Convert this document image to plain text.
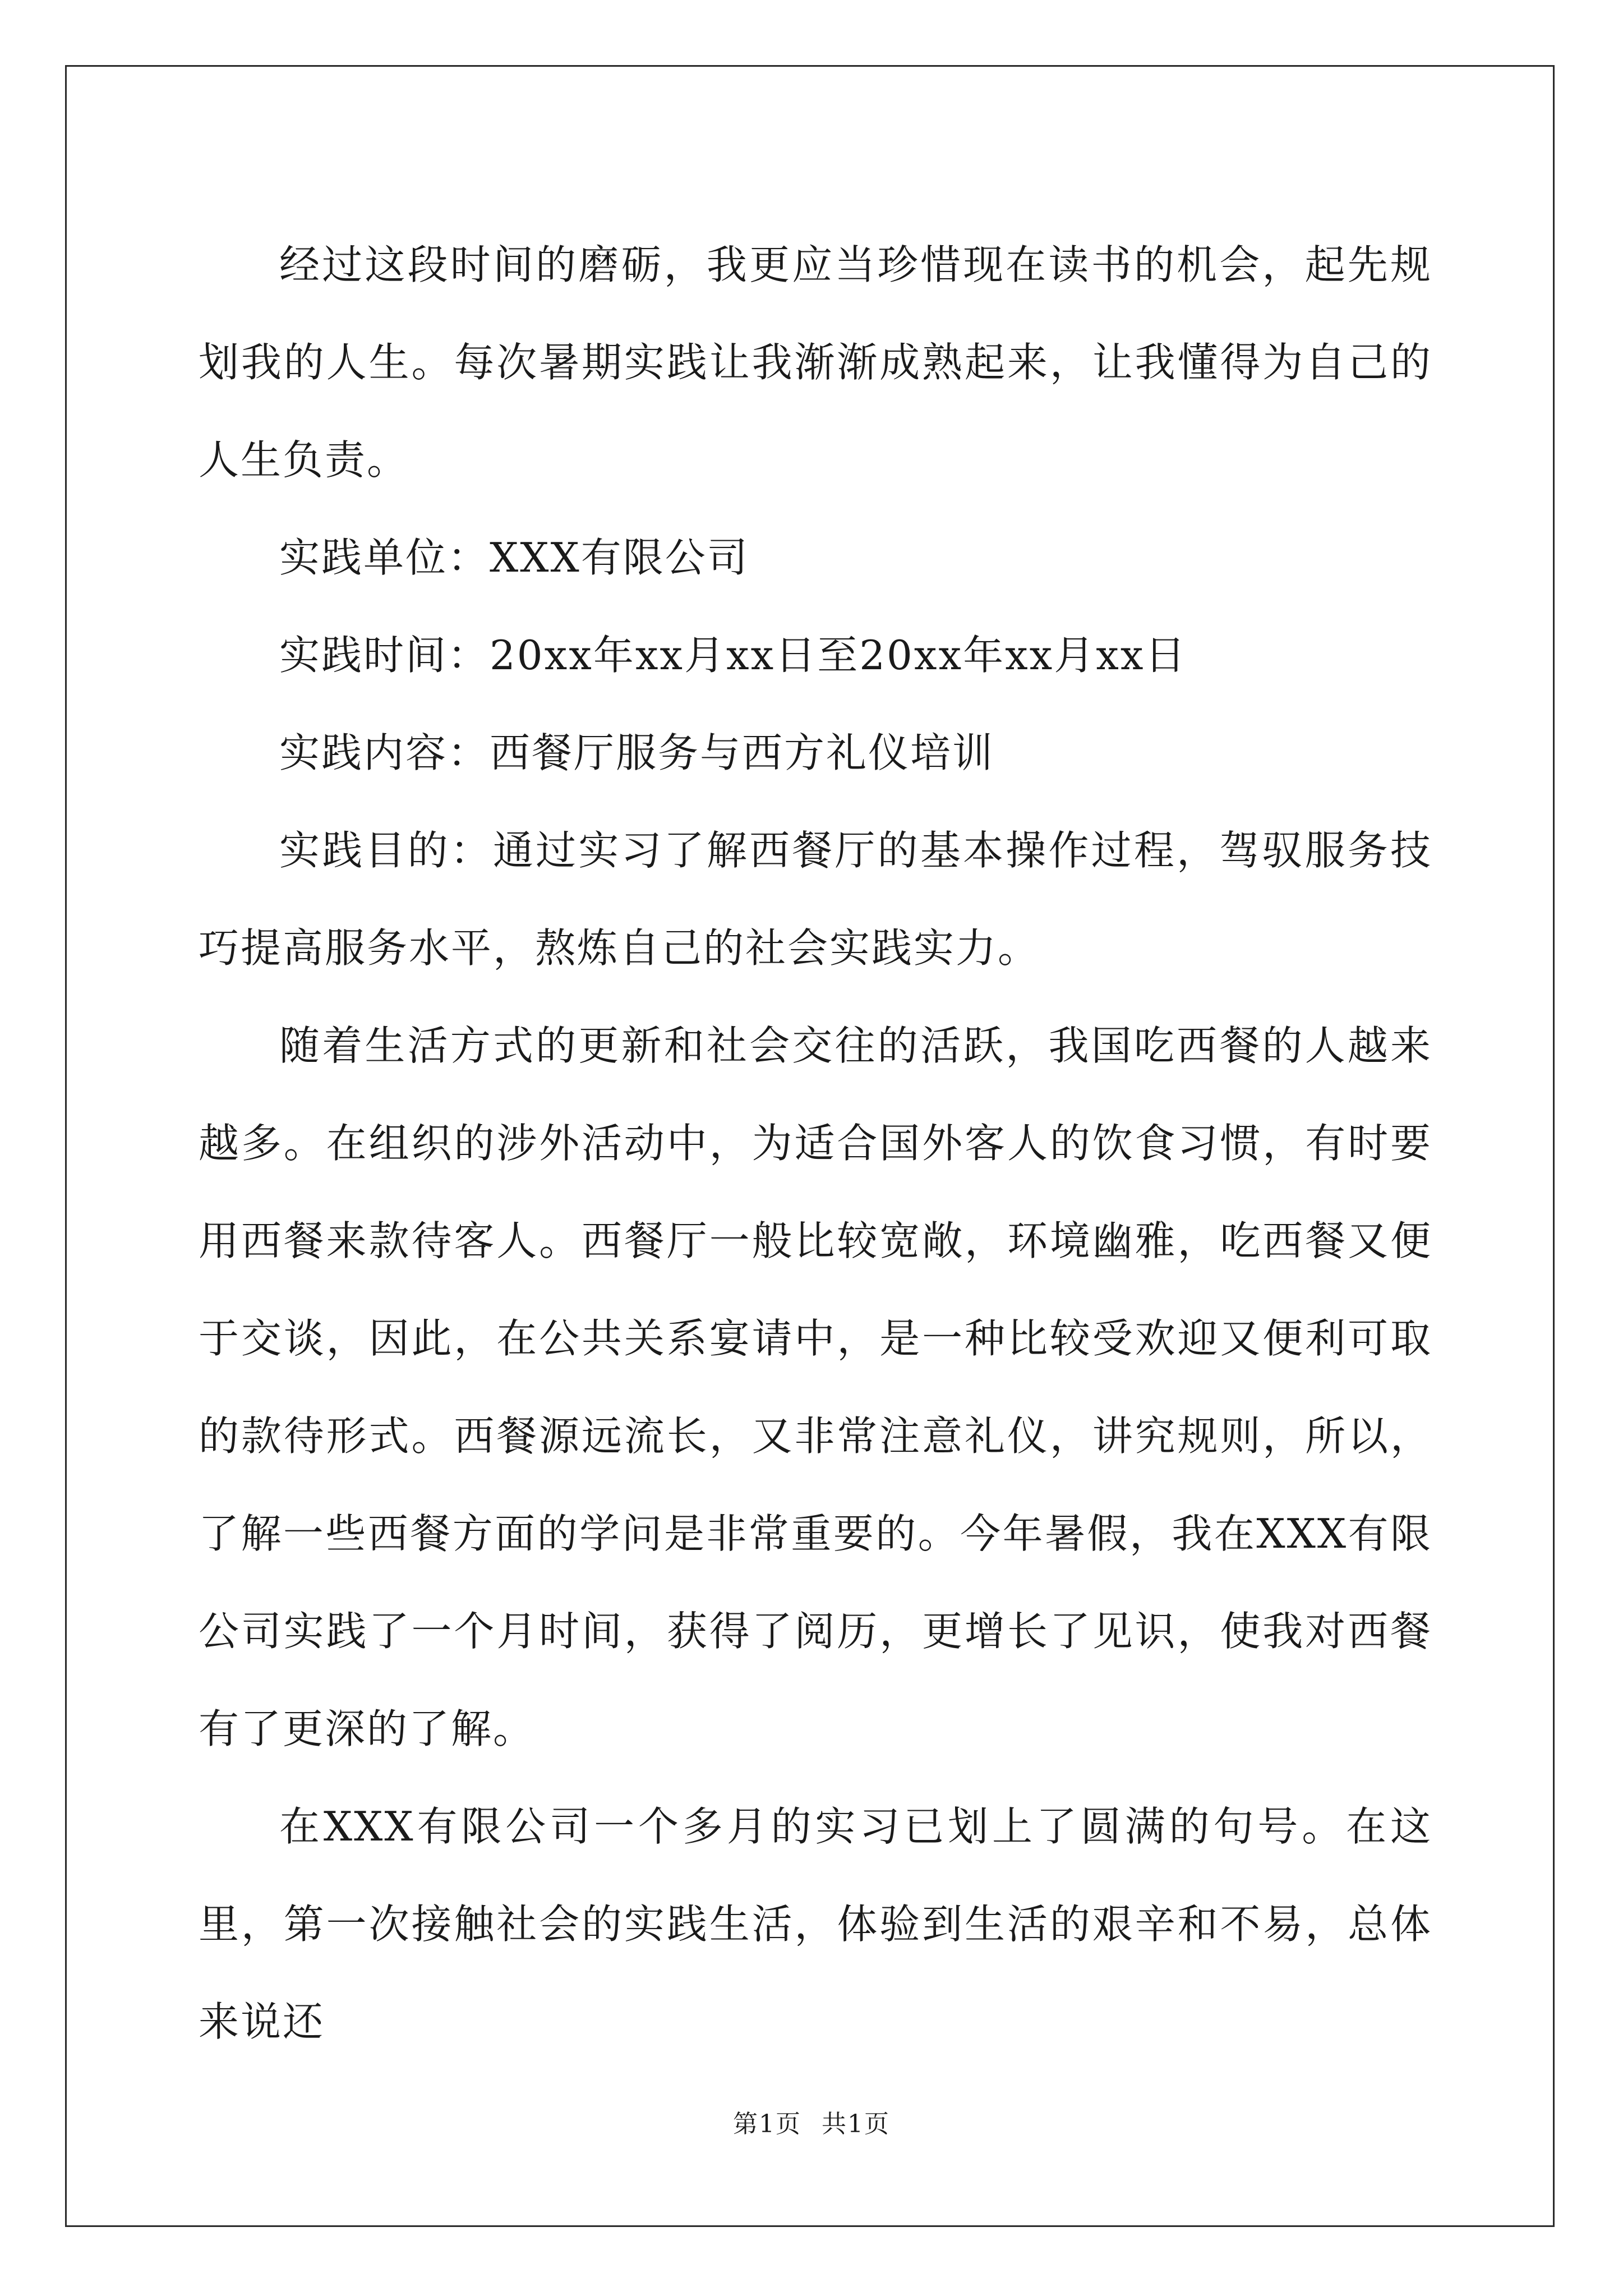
经过这段时间的磨砺，我更应当珍惜现在读书的机会，起先规划我的人生。每次暑期实践让我渐渐成熟起来，让我懂得为自己的人生负责。

实践单位：XXX有限公司

实践时间：20xx年xx月xx日至20xx年xx月xx日

实践内容：西餐厅服务与西方礼仪培训

实践目的：通过实习了解西餐厅的基本操作过程，驾驭服务技巧提高服务水平，熬炼自己的社会实践实力。

随着生活方式的更新和社会交往的活跃，我国吃西餐的人越来越多。在组织的涉外活动中，为适合国外客人的饮食习惯，有时要用西餐来款待客人。西餐厅一般比较宽敞，环境幽雅，吃西餐又便于交谈，因此，在公共关系宴请中，是一种比较受欢迎又便利可取的款待形式。西餐源远流长，又非常注意礼仪，讲究规则，所以，了解一些西餐方面的学问是非常重要的。今年暑假，我在XXX有限公司实践了一个月时间，获得了阅历，更增长了见识，使我对西餐有了更深的了解。

在XXX有限公司一个多月的实习已划上了圆满的句号。在这里，第一次接触社会的实践生活，体验到生活的艰辛和不易，总体来说还

第1页 共1页
